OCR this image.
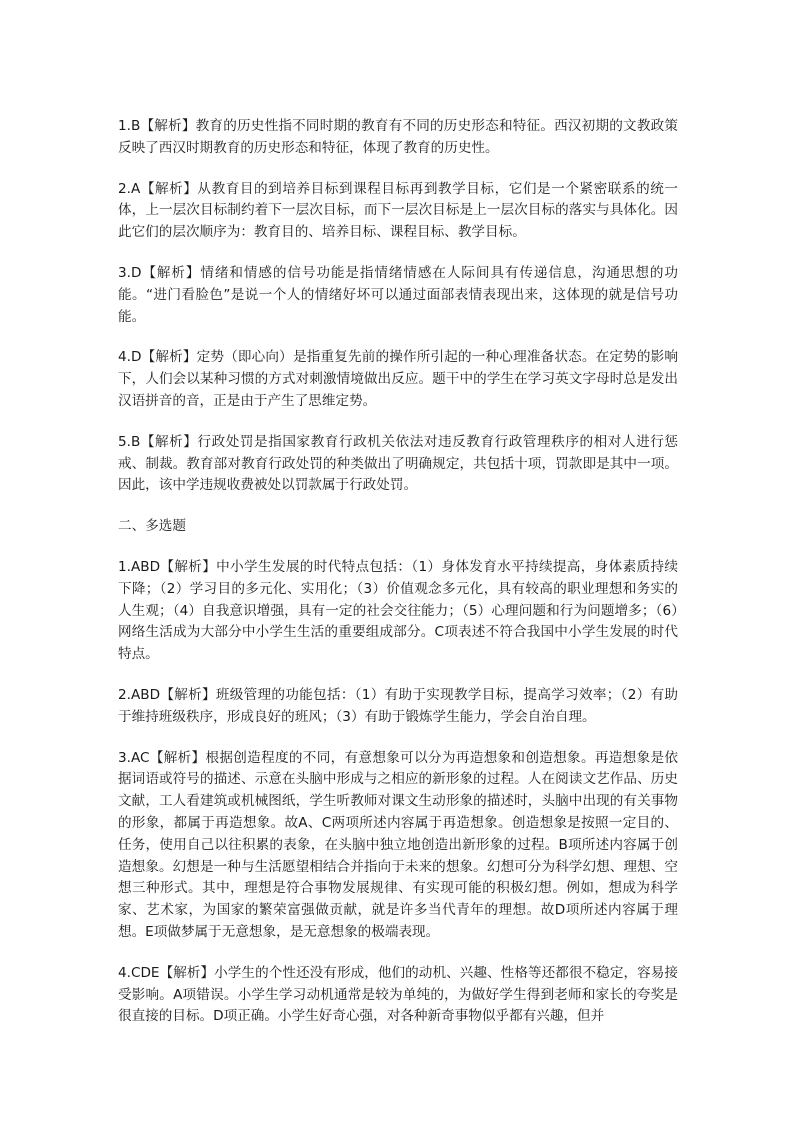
1.B【解析】教育的历史性指不同时期的教育有不同的历史形态和特征。西汉初期的文教政策反映了西汉时期教育的历史形态和特征，体现了教育的历史性。

2.A【解析】从教育目的到培养目标到课程目标再到教学目标，它们是一个紧密联系的统一体，上一层次目标制约着下一层次目标，而下一层次目标是上一层次目标的落实与具体化。因此它们的层次顺序为：教育目的、培养目标、课程目标、教学目标。

3.D【解析】情绪和情感的信号功能是指情绪情感在人际间具有传递信息，沟通思想的功能。“进门看脸色”是说一个人的情绪好坏可以通过面部表情表现出来，这体现的就是信号功能。

4.D【解析】定势（即心向）是指重复先前的操作所引起的一种心理准备状态。在定势的影响下，人们会以某种习惯的方式对刺激情境做出反应。题干中的学生在学习英文字母时总是发出汉语拼音的音，正是由于产生了思维定势。

5.B【解析】行政处罚是指国家教育行政机关依法对违反教育行政管理秩序的相对人进行惩戒、制裁。教育部对教育行政处罚的种类做出了明确规定，共包括十项，罚款即是其中一项。因此，该中学违规收费被处以罚款属于行政处罚。

二、多选题

1.ABD【解析】中小学生发展的时代特点包括：（1）身体发育水平持续提高，身体素质持续下降；（2）学习目的多元化、实用化；（3）价值观念多元化，具有较高的职业理想和务实的人生观；（4）自我意识增强，具有一定的社会交往能力；（5）心理问题和行为问题增多；（6）网络生活成为大部分中小学生生活的重要组成部分。C项表述不符合我国中小学生发展的时代特点。

2.ABD【解析】班级管理的功能包括：（1）有助于实现教学目标，提高学习效率；（2）有助于维持班级秩序，形成良好的班风；（3）有助于锻炼学生能力，学会自治自理。

3.AC【解析】根据创造程度的不同，有意想象可以分为再造想象和创造想象。再造想象是依据词语或符号的描述、示意在头脑中形成与之相应的新形象的过程。人在阅读文艺作品、历史文献，工人看建筑或机械图纸，学生听教师对课文生动形象的描述时，头脑中出现的有关事物的形象，都属于再造想象。故A、C两项所述内容属于再造想象。创造想象是按照一定目的、任务，使用自己以往积累的表象，在头脑中独立地创造出新形象的过程。B项所述内容属于创造想象。幻想是一种与生活愿望相结合并指向于未来的想象。幻想可分为科学幻想、理想、空想三种形式。其中，理想是符合事物发展规律、有实现可能的积极幻想。例如，想成为科学家、艺术家，为国家的繁荣富强做贡献，就是许多当代青年的理想。故D项所述内容属于理想。E项做梦属于无意想象，是无意想象的极端表现。

4.CDE【解析】小学生的个性还没有形成，他们的动机、兴趣、性格等还都很不稳定，容易接受影响。A项错误。小学生学习动机通常是较为单纯的，为做好学生得到老师和家长的夸奖是很直接的目标。D项正确。小学生好奇心强，对各种新奇事物似乎都有兴趣，但并
